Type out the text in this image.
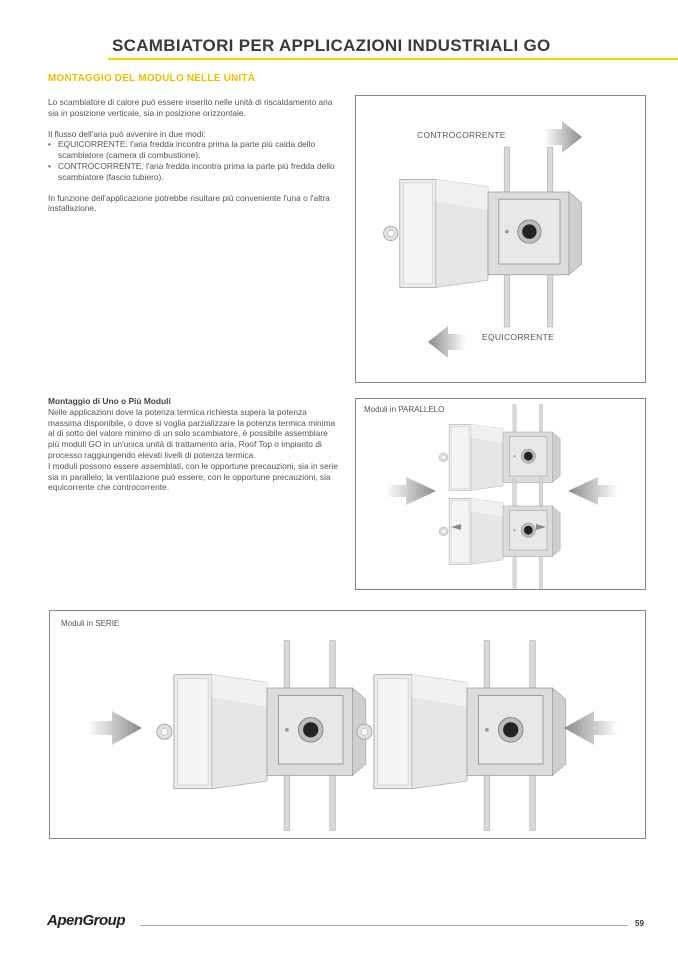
SCAMBIATORI PER APPLICAZIONI INDUSTRIALI GO
MONTAGGIO DEL MODULO NELLE UNITÀ

Lo scambiatore di calore può essere inserito nelle unità di riscaldamento aria sia in posizione verticale, sia in posizione orizzontale.

Il flusso dell'aria può avvenire in due modi:
• EQUICORRENTE: l'aria fredda incontra prima la parte più calda dello scambiatore (camera di combustione).
• CONTROCORRENTE: l'aria fredda incontra prima la parte più fredda dello scambiatore (fascio tubiero).

In funzione dell'applicazione potrebbe risultare più conveniente l'una o l'altra installazione.

Montaggio di Uno o Più Moduli
Nelle applicazioni dove la potenza termica richiesta supera la potenza massima disponibile, o dove si voglia parzializzare la potenza termica minima al di sotto del valore minimo di un solo scambiatore, è possibile assemblare più moduli GO in un'unica unità di trattamento aria, Roof Top o impianto di processo raggiungendo elevati livelli di potenza termica.
I moduli possono essere assemblati, con le opportune precauzioni, sia in serie sia in parallelo; la ventilazione può essere, con le opportune precauzioni, sia equicorrente che controcorrente.
CONTROCORRENTE
EQUICORRENTE
Moduli in PARALLELO
Moduli in SERIE
ApenGroup	59
